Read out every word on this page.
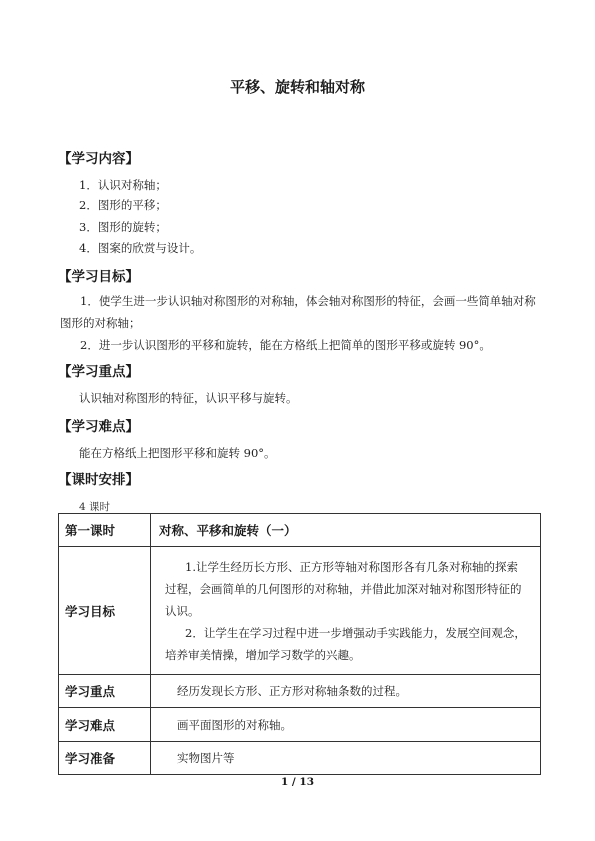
平移、旋转和轴对称
【学习内容】
1．认识对称轴；
2．图形的平移；
3．图形的旋转；
4．图案的欣赏与设计。
【学习目标】
1．使学生进一步认识轴对称图形的对称轴，体会轴对称图形的特征，会画一些简单轴对称图形的对称轴；
2．进一步认识图形的平移和旋转，能在方格纸上把简单的图形平移或旋转 90°。
【学习重点】
认识轴对称图形的特征，认识平移与旋转。
【学习难点】
能在方格纸上把图形平移和旋转 90°。
【课时安排】
4 课时
第一课时	对称、平移和旋转（一）
学习目标	1.让学生经历长方形、正方形等轴对称图形各有几条对称轴的探索过程，会画简单的几何图形的对称轴，并借此加深对轴对称图形特征的认识。

2．让学生在学习过程中进一步增强动手实践能力，发展空间观念，培养审美情操，增加学习数学的兴趣。

学习重点	经历发现长方形、正方形对称轴条数的过程。

学习难点	画平面图形的对称轴。

学习准备	实物图片等
1 / 13
